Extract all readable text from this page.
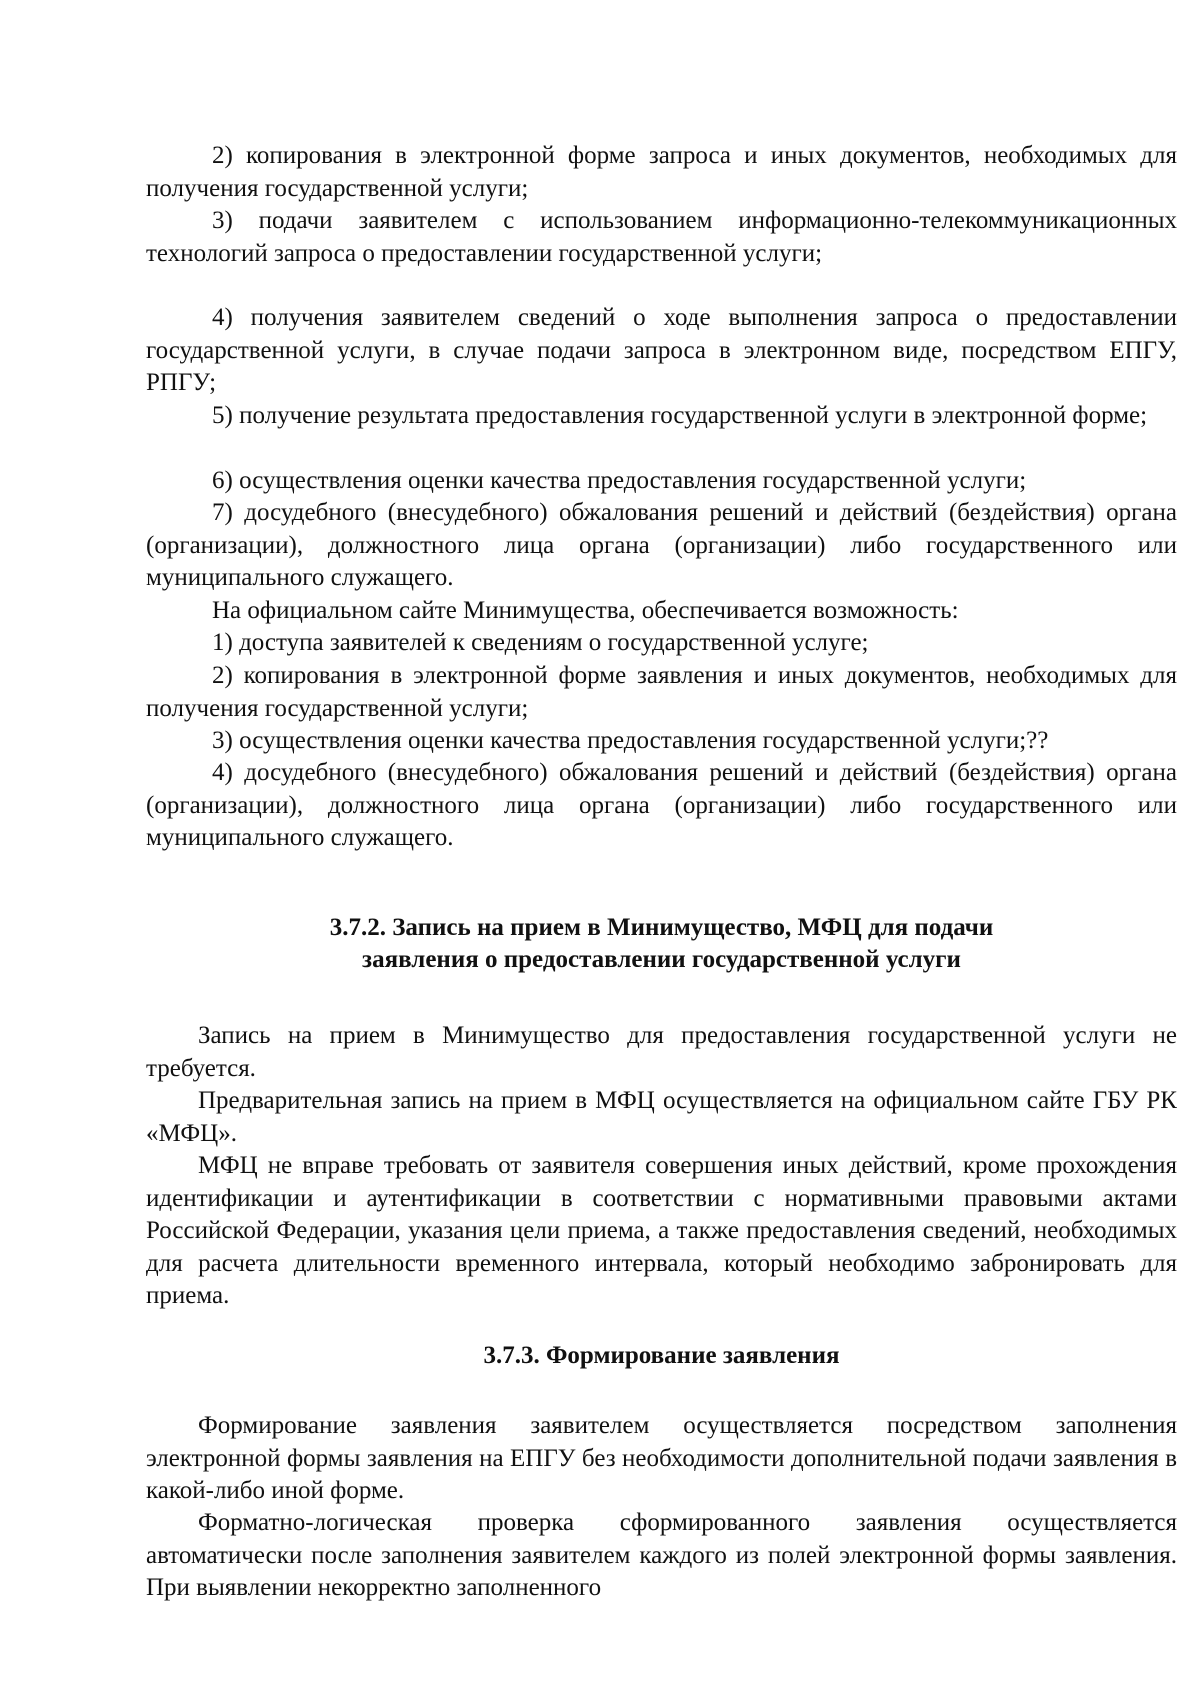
2) копирования в электронной форме запроса и иных документов, необходимых для получения государственной услуги;

3) подачи заявителем с использованием информационно-телекоммуникационных технологий запроса о предоставлении государственной услуги;

4) получения заявителем сведений о ходе выполнения запроса о предоставлении государственной услуги, в случае подачи запроса в электронном виде, посредством ЕПГУ, РПГУ;

5) получение результата предоставления государственной услуги в электронной форме;

6) осуществления оценки качества предоставления государственной услуги;

7) досудебного (внесудебного) обжалования решений и действий (бездействия) органа (организации), должностного лица органа (организации) либо государственного или муниципального служащего.

На официальном сайте Минимущества, обеспечивается возможность:

1) доступа заявителей к сведениям о государственной услуге;

2) копирования в электронной форме заявления и иных документов, необходимых для получения государственной услуги;

3) осуществления оценки качества предоставления государственной услуги;??

4) досудебного (внесудебного) обжалования решений и действий (бездействия) органа (организации), должностного лица органа (организации) либо государственного или муниципального служащего.

3.7.2. Запись на прием в Минимущество, МФЦ для подачи
заявления о предоставлении государственной услуги

Запись на прием в Минимущество для предоставления государственной услуги не требуется.

Предварительная запись на прием в МФЦ осуществляется на официальном сайте ГБУ РК «МФЦ».

МФЦ не вправе требовать от заявителя совершения иных действий, кроме прохождения идентификации и аутентификации в соответствии с нормативными правовыми актами Российской Федерации, указания цели приема, а также предоставления сведений, необходимых для расчета длительности временного интервала, который необходимо забронировать для приема.

3.7.3. Формирование заявления

Формирование заявления заявителем осуществляется посредством заполнения электронной формы заявления на ЕПГУ без необходимости дополнительной подачи заявления в какой-либо иной форме.

Форматно-логическая проверка сформированного заявления осуществляется автоматически после заполнения заявителем каждого из полей электронной формы заявления. При выявлении некорректно заполненного
